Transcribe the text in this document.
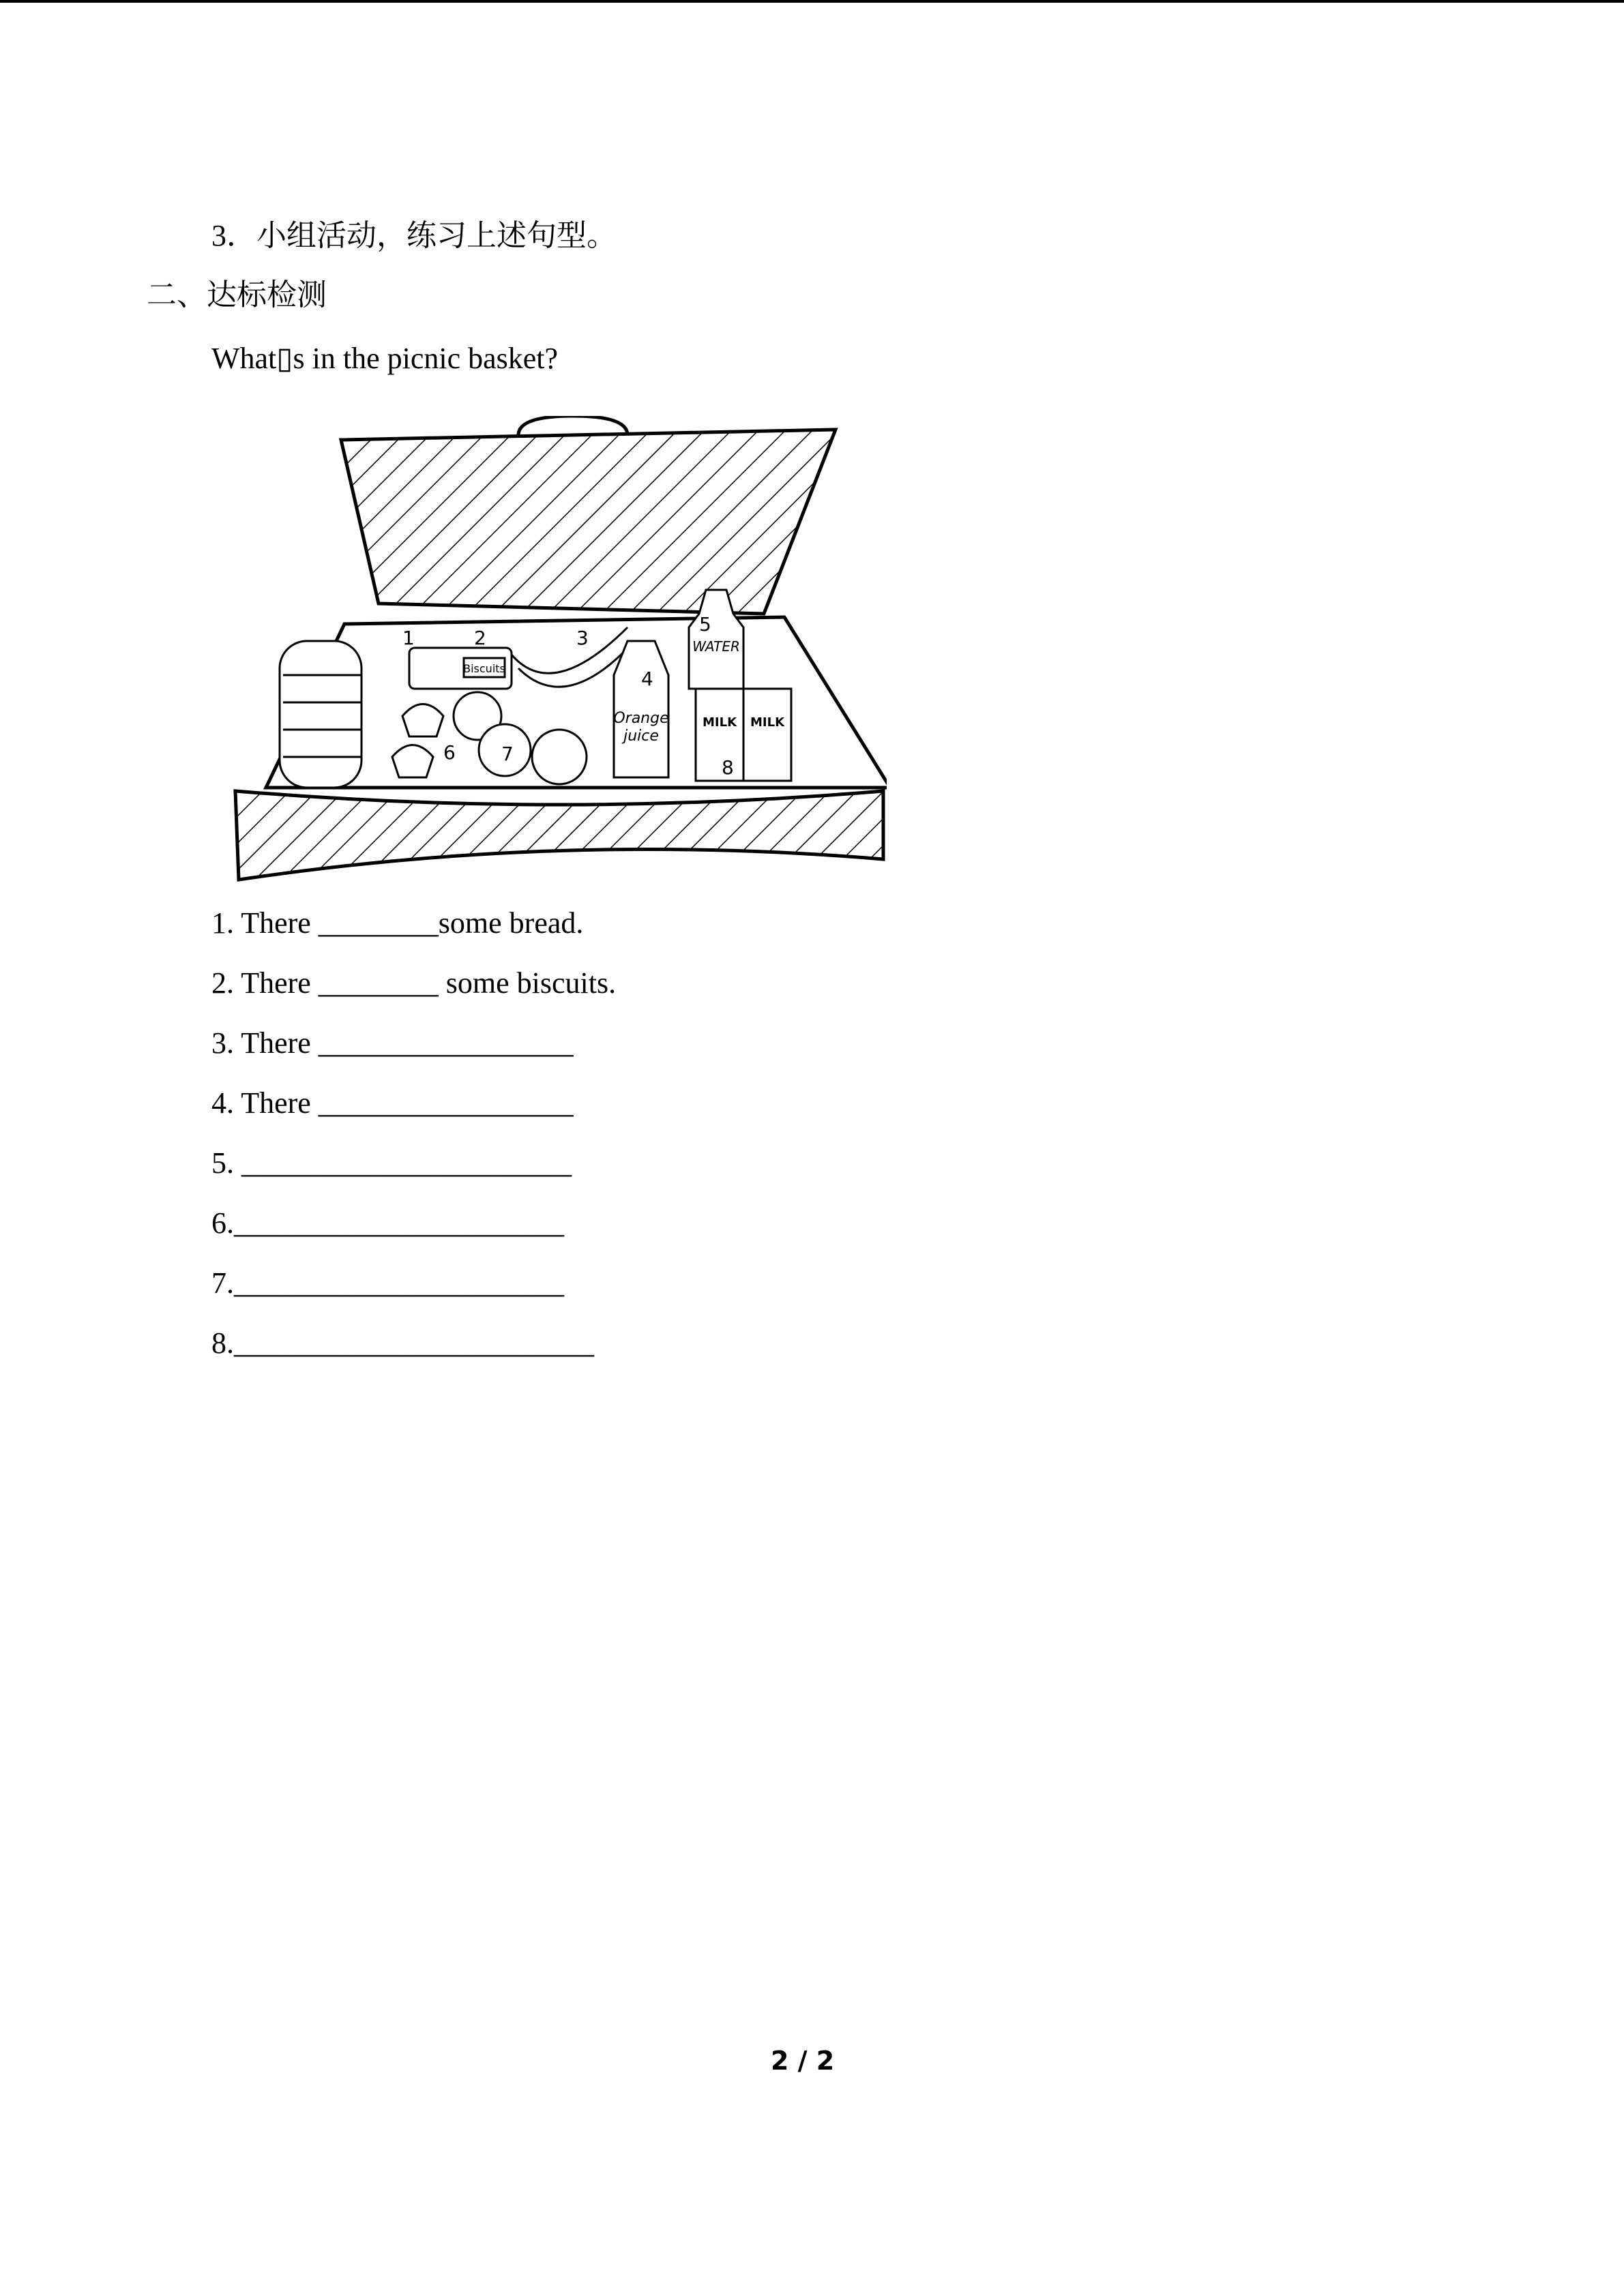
3．小组活动，练习上述句型。
二、达标检测
What▯s in the picnic basket?
Biscuits
Orange
juice
WATER
MILK MILK
1	2	3
4
5
6 7
8
1. There ________some bread.
2. There ________ some biscuits.
3. There _________________
4. There _________________
5. ______________________
6.______________________
7.______________________
8.________________________
2 / 2
